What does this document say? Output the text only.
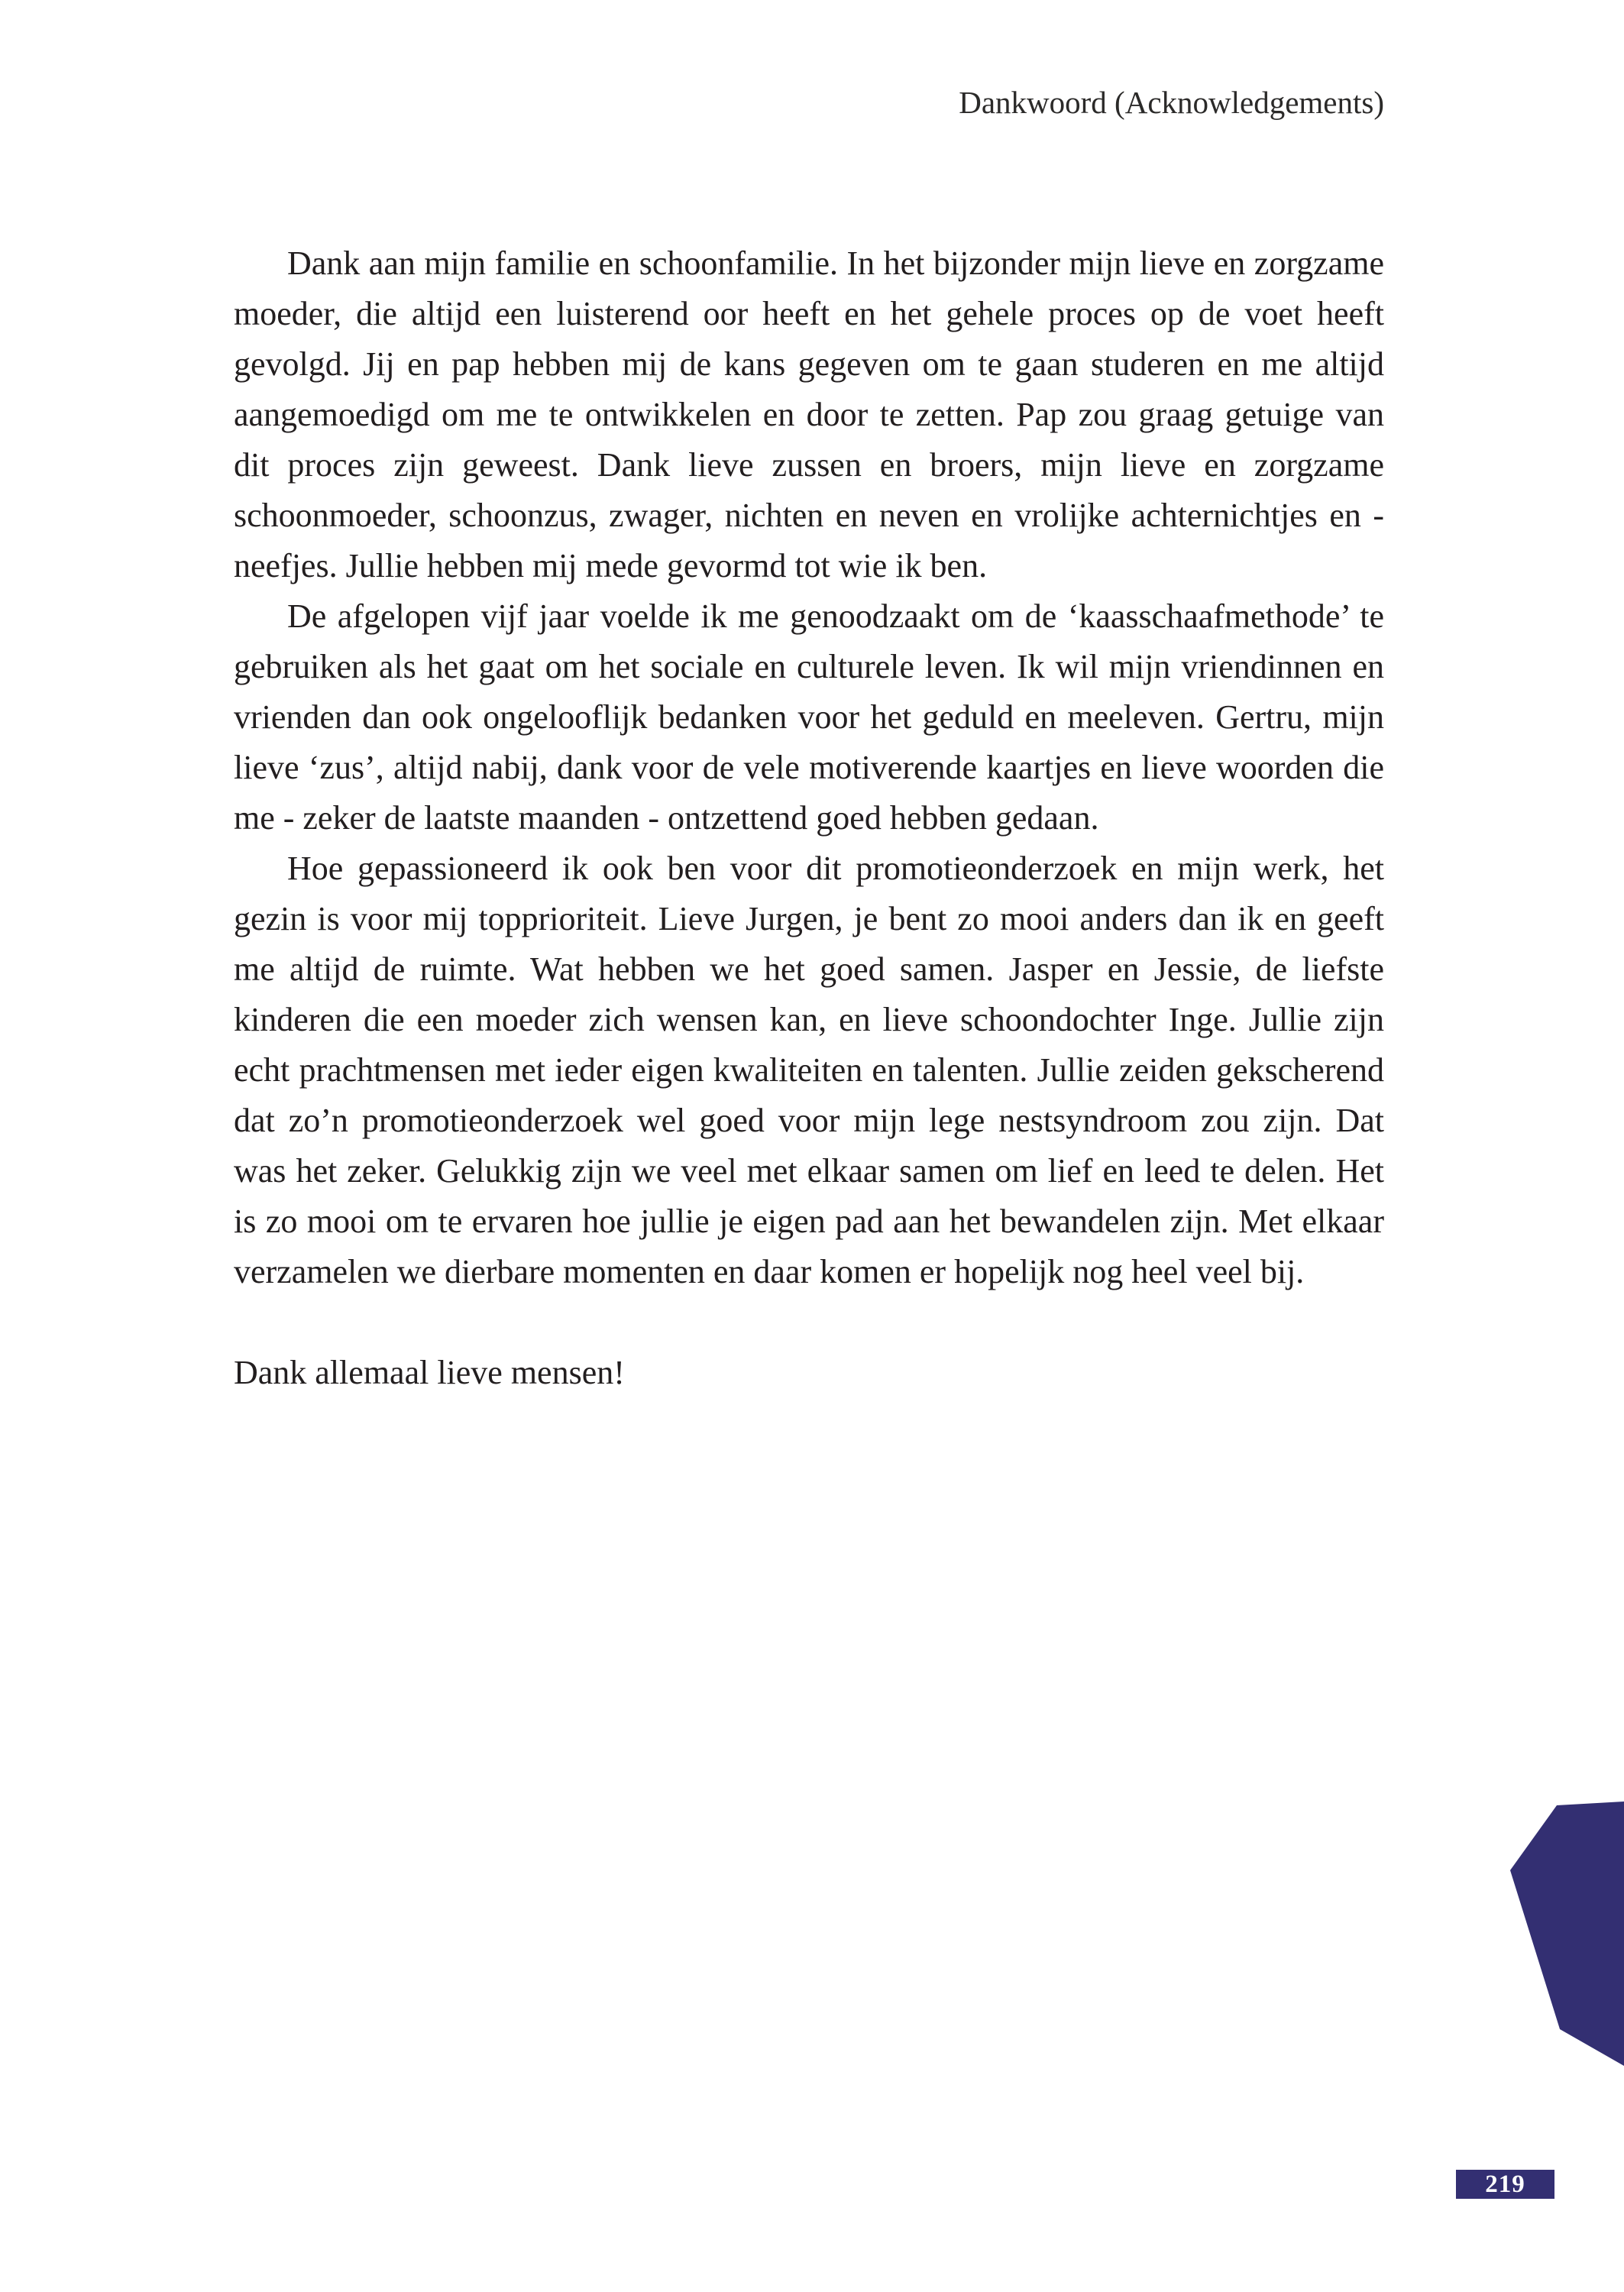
Dankwoord (Acknowledgements)

Dank aan mijn familie en schoonfamilie. In het bijzonder mijn lieve en zorgzame moeder, die altijd een luisterend oor heeft en het gehele proces op de voet heeft gevolgd. Jij en pap hebben mij de kans gegeven om te gaan studeren en me altijd aangemoedigd om me te ontwikkelen en door te zetten. Pap zou graag getuige van dit proces zijn geweest. Dank lieve zussen en broers, mijn lieve en zorgzame schoonmoeder, schoonzus, zwager, nichten en neven en vrolijke achternichtjes en -neefjes. Jullie hebben mij mede gevormd tot wie ik ben.

De afgelopen vijf jaar voelde ik me genoodzaakt om de ‘kaasschaafmethode’ te gebruiken als het gaat om het sociale en culturele leven. Ik wil mijn vriendinnen en vrienden dan ook ongelooflijk bedanken voor het geduld en meeleven. Gertru, mijn lieve ‘zus’, altijd nabij, dank voor de vele motiverende kaartjes en lieve woorden die me - zeker de laatste maanden - ontzettend goed hebben gedaan.

Hoe gepassioneerd ik ook ben voor dit promotieonderzoek en mijn werk, het gezin is voor mij topprioriteit. Lieve Jurgen, je bent zo mooi anders dan ik en geeft me altijd de ruimte. Wat hebben we het goed samen. Jasper en Jessie, de liefste kinderen die een moeder zich wensen kan, en lieve schoondochter Inge. Jullie zijn echt prachtmensen met ieder eigen kwaliteiten en talenten. Jullie zeiden gekscherend dat zo’n promotieonderzoek wel goed voor mijn lege nestsyndroom zou zijn. Dat was het zeker. Gelukkig zijn we veel met elkaar samen om lief en leed te delen. Het is zo mooi om te ervaren hoe jullie je eigen pad aan het bewandelen zijn. Met elkaar verzamelen we dierbare momenten en daar komen er hopelijk nog heel veel bij.

Dank allemaal lieve mensen!

219
